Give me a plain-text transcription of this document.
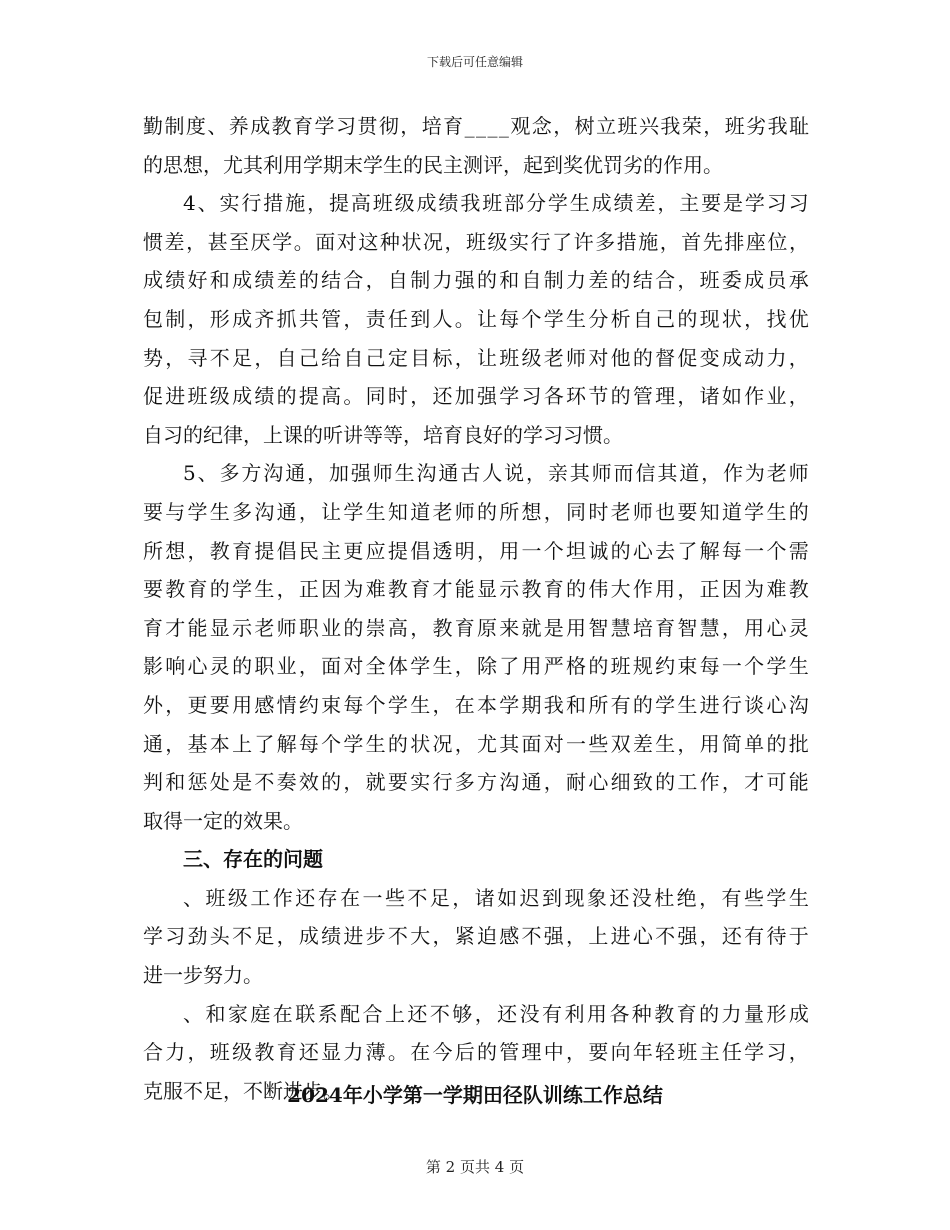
下载后可任意编辑
勤 制 度 、 养 成 教 育 学 习 贯 彻 ， 培 育 _ _ _ _ 观 念 ， 树 立 班 兴 我 荣 ， 班 劣 我 耻
的思想，尤其利用学期末学生的民主测评，起到奖优罚劣的作用。
4 、 实 行 措 施 ， 提 高 班 级 成 绩 我 班 部 分 学 生 成 绩 差 ， 主 要 是 学 习 习
惯 差 ， 甚 至 厌 学 。 面 对 这 种 状 况 ， 班 级 实 行 了 许 多 措 施 ， 首 先 排 座 位 ，
成 绩 好 和 成 绩 差 的 结 合 ， 自 制 力 强 的 和 自 制 力 差 的 结 合 ， 班 委 成 员 承
包 制 ， 形 成 齐 抓 共 管 ， 责 任 到 人 。 让 每 个 学 生 分 析 自 己 的 现 状 ， 找 优
势 ， 寻 不 足 ， 自 己 给 自 己 定 目 标 ， 让 班 级 老 师 对 他 的 督 促 变 成 动 力 ，
促 进 班 级 成 绩 的 提 高 。 同 时 ， 还 加 强 学 习 各 环 节 的 管 理 ， 诸 如 作 业 ，
自习的纪律，上课的听讲等等，培育良好的学习习惯。
5 、 多 方 沟 通 ， 加 强 师 生 沟 通 古 人 说 ， 亲 其 师 而 信 其 道 ， 作 为 老 师
要 与 学 生 多 沟 通 ， 让 学 生 知 道 老 师 的 所 想 ， 同 时 老 师 也 要 知 道 学 生 的
所 想 ， 教 育 提 倡 民 主 更 应 提 倡 透 明 ， 用 一 个 坦 诚 的 心 去 了 解 每 一 个 需
要 教 育 的 学 生 ， 正 因 为 难 教 育 才 能 显 示 教 育 的 伟 大 作 用 ， 正 因 为 难 教
育 才 能 显 示 老 师 职 业 的 崇 高 ， 教 育 原 来 就 是 用 智 慧 培 育 智 慧 ， 用 心 灵
影 响 心 灵 的 职 业 ， 面 对 全 体 学 生 ， 除 了 用 严 格 的 班 规 约 束 每 一 个 学 生
外 ， 更 要 用 感 情 约 束 每 个 学 生 ， 在 本 学 期 我 和 所 有 的 学 生 进 行 谈 心 沟
通 ， 基 本 上 了 解 每 个 学 生 的 状 况 ， 尤 其 面 对 一 些 双 差 生 ， 用 简 单 的 批
判 和 惩 处 是 不 奏 效 的 ， 就 要 实 行 多 方 沟 通 ， 耐 心 细 致 的 工 作 ， 才 可 能
取得一定的效果。
三、存在的问题
、 班 级 工 作 还 存 在 一 些 不 足 ， 诸 如 迟 到 现 象 还 没 杜 绝 ， 有 些 学 生
学 习 劲 头 不 足 ， 成 绩 进 步 不 大 ， 紧 迫 感 不 强 ， 上 进 心 不 强 ， 还 有 待 于
进一步努力。
、 和 家 庭 在 联 系 配 合 上 还 不 够 ， 还 没 有 利 用 各 种 教 育 的 力 量 形 成
合 力 ， 班 级 教 育 还 显 力 薄 。 在 今 后 的 管 理 中 ， 要 向 年 轻 班 主 任 学 习 ，
克服不足，不断进步。
2024年小学第一学期田径队训练工作总结
第 2 页共 4 页
